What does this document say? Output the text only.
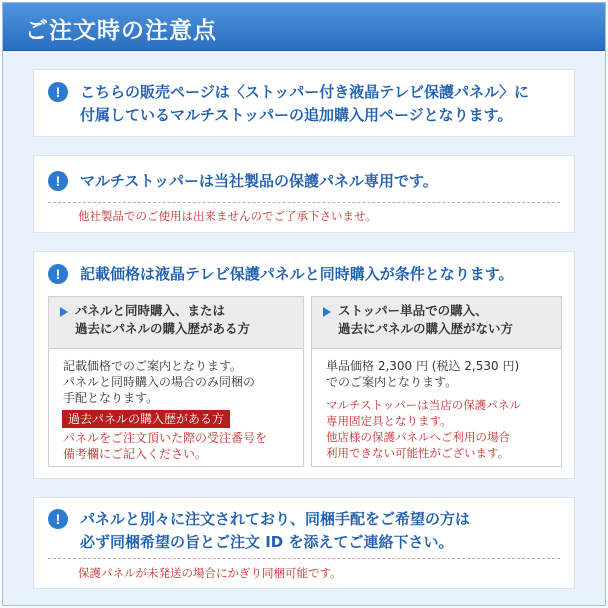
ご注文時の注意点
!	こちらの販売ページは〈ストッパー付き液晶テレビ保護パネル〉に
付属しているマルチストッパーの追加購入用ページとなります。
!	マルチストッパーは当社製品の保護パネル専用です。
他社製品でのご使用は出来ませんのでご了承下さいませ。
!	記載価格は液晶テレビ保護パネルと同時購入が条件となります。
パネルと同時購入、または
過去にパネルの購入歴がある方
記載価格でのご案内となります。
パネルと同時購入の場合のみ同梱の
手配となります。
過去パネルの購入歴がある方
パネルをご注文頂いた際の受注番号を
備考欄にご記入ください。
ストッパー単品での購入、
過去にパネルの購入歴がない方
単品価格 2,300 円 (税込 2,530 円)
でのご案内となります。
マルチストッパーは当店の保護パネル
専用固定具となります。
他店様の保護パネルへご利用の場合
利用できない可能性がございます。
!	パネルと別々に注文されており、同梱手配をご希望の方は
必ず同梱希望の旨とご注文 ID を添えてご連絡下さい。
保護パネルが未発送の場合にかぎり同梱可能です。
